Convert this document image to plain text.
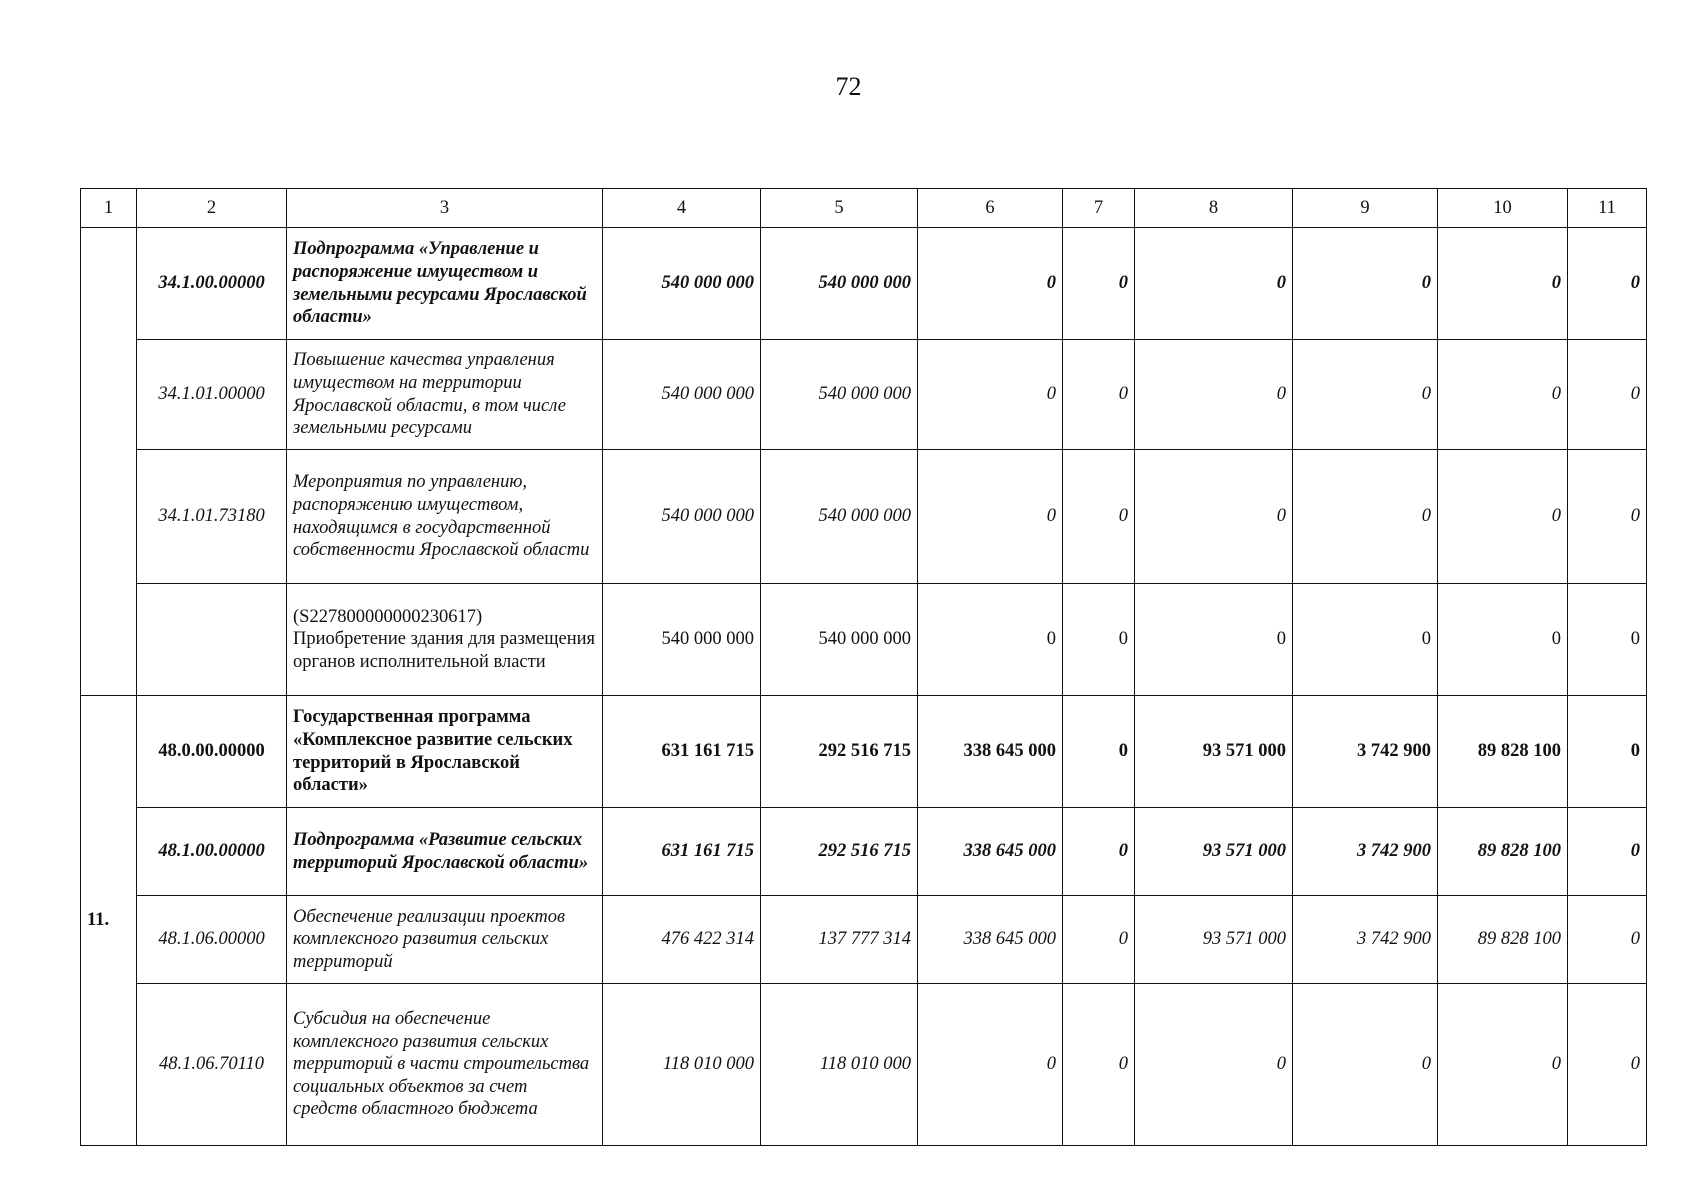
72
1	2	3	4	5	6	7	8	9	10	11
	34.1.00.00000	Подпрограмма «Управление и распоряжение имуществом и земельными ресурсами Ярославской области»	540 000 000	540 000 000	0	0	0	0	0	0
	34.1.01.00000	Повышение качества управления имуществом на территории Ярославской области, в том числе земельными ресурсами	540 000 000	540 000 000	0	0	0	0	0	0
	34.1.01.73180	Мероприятия по управлению, распоряжению имуществом, находящимся в государственной собственности Ярославской области	540 000 000	540 000 000	0	0	0	0	0	0
		(S227800000000230617) Приобретение здания для размещения органов исполнительной власти	540 000 000	540 000 000	0	0	0	0	0	0
11.	48.0.00.00000	Государственная программа «Комплексное развитие сельских территорий в Ярославской области»	631 161 715	292 516 715	338 645 000	0	93 571 000	3 742 900	89 828 100	0
	48.1.00.00000	Подпрограмма «Развитие сельских территорий Ярославской области»	631 161 715	292 516 715	338 645 000	0	93 571 000	3 742 900	89 828 100	0
	48.1.06.00000	Обеспечение реализации проектов комплексного развития сельских территорий	476 422 314	137 777 314	338 645 000	0	93 571 000	3 742 900	89 828 100	0
	48.1.06.70110	Субсидия на обеспечение комплексного развития сельских территорий в части строительства социальных объектов за счет средств областного бюджета	118 010 000	118 010 000	0	0	0	0	0	0
